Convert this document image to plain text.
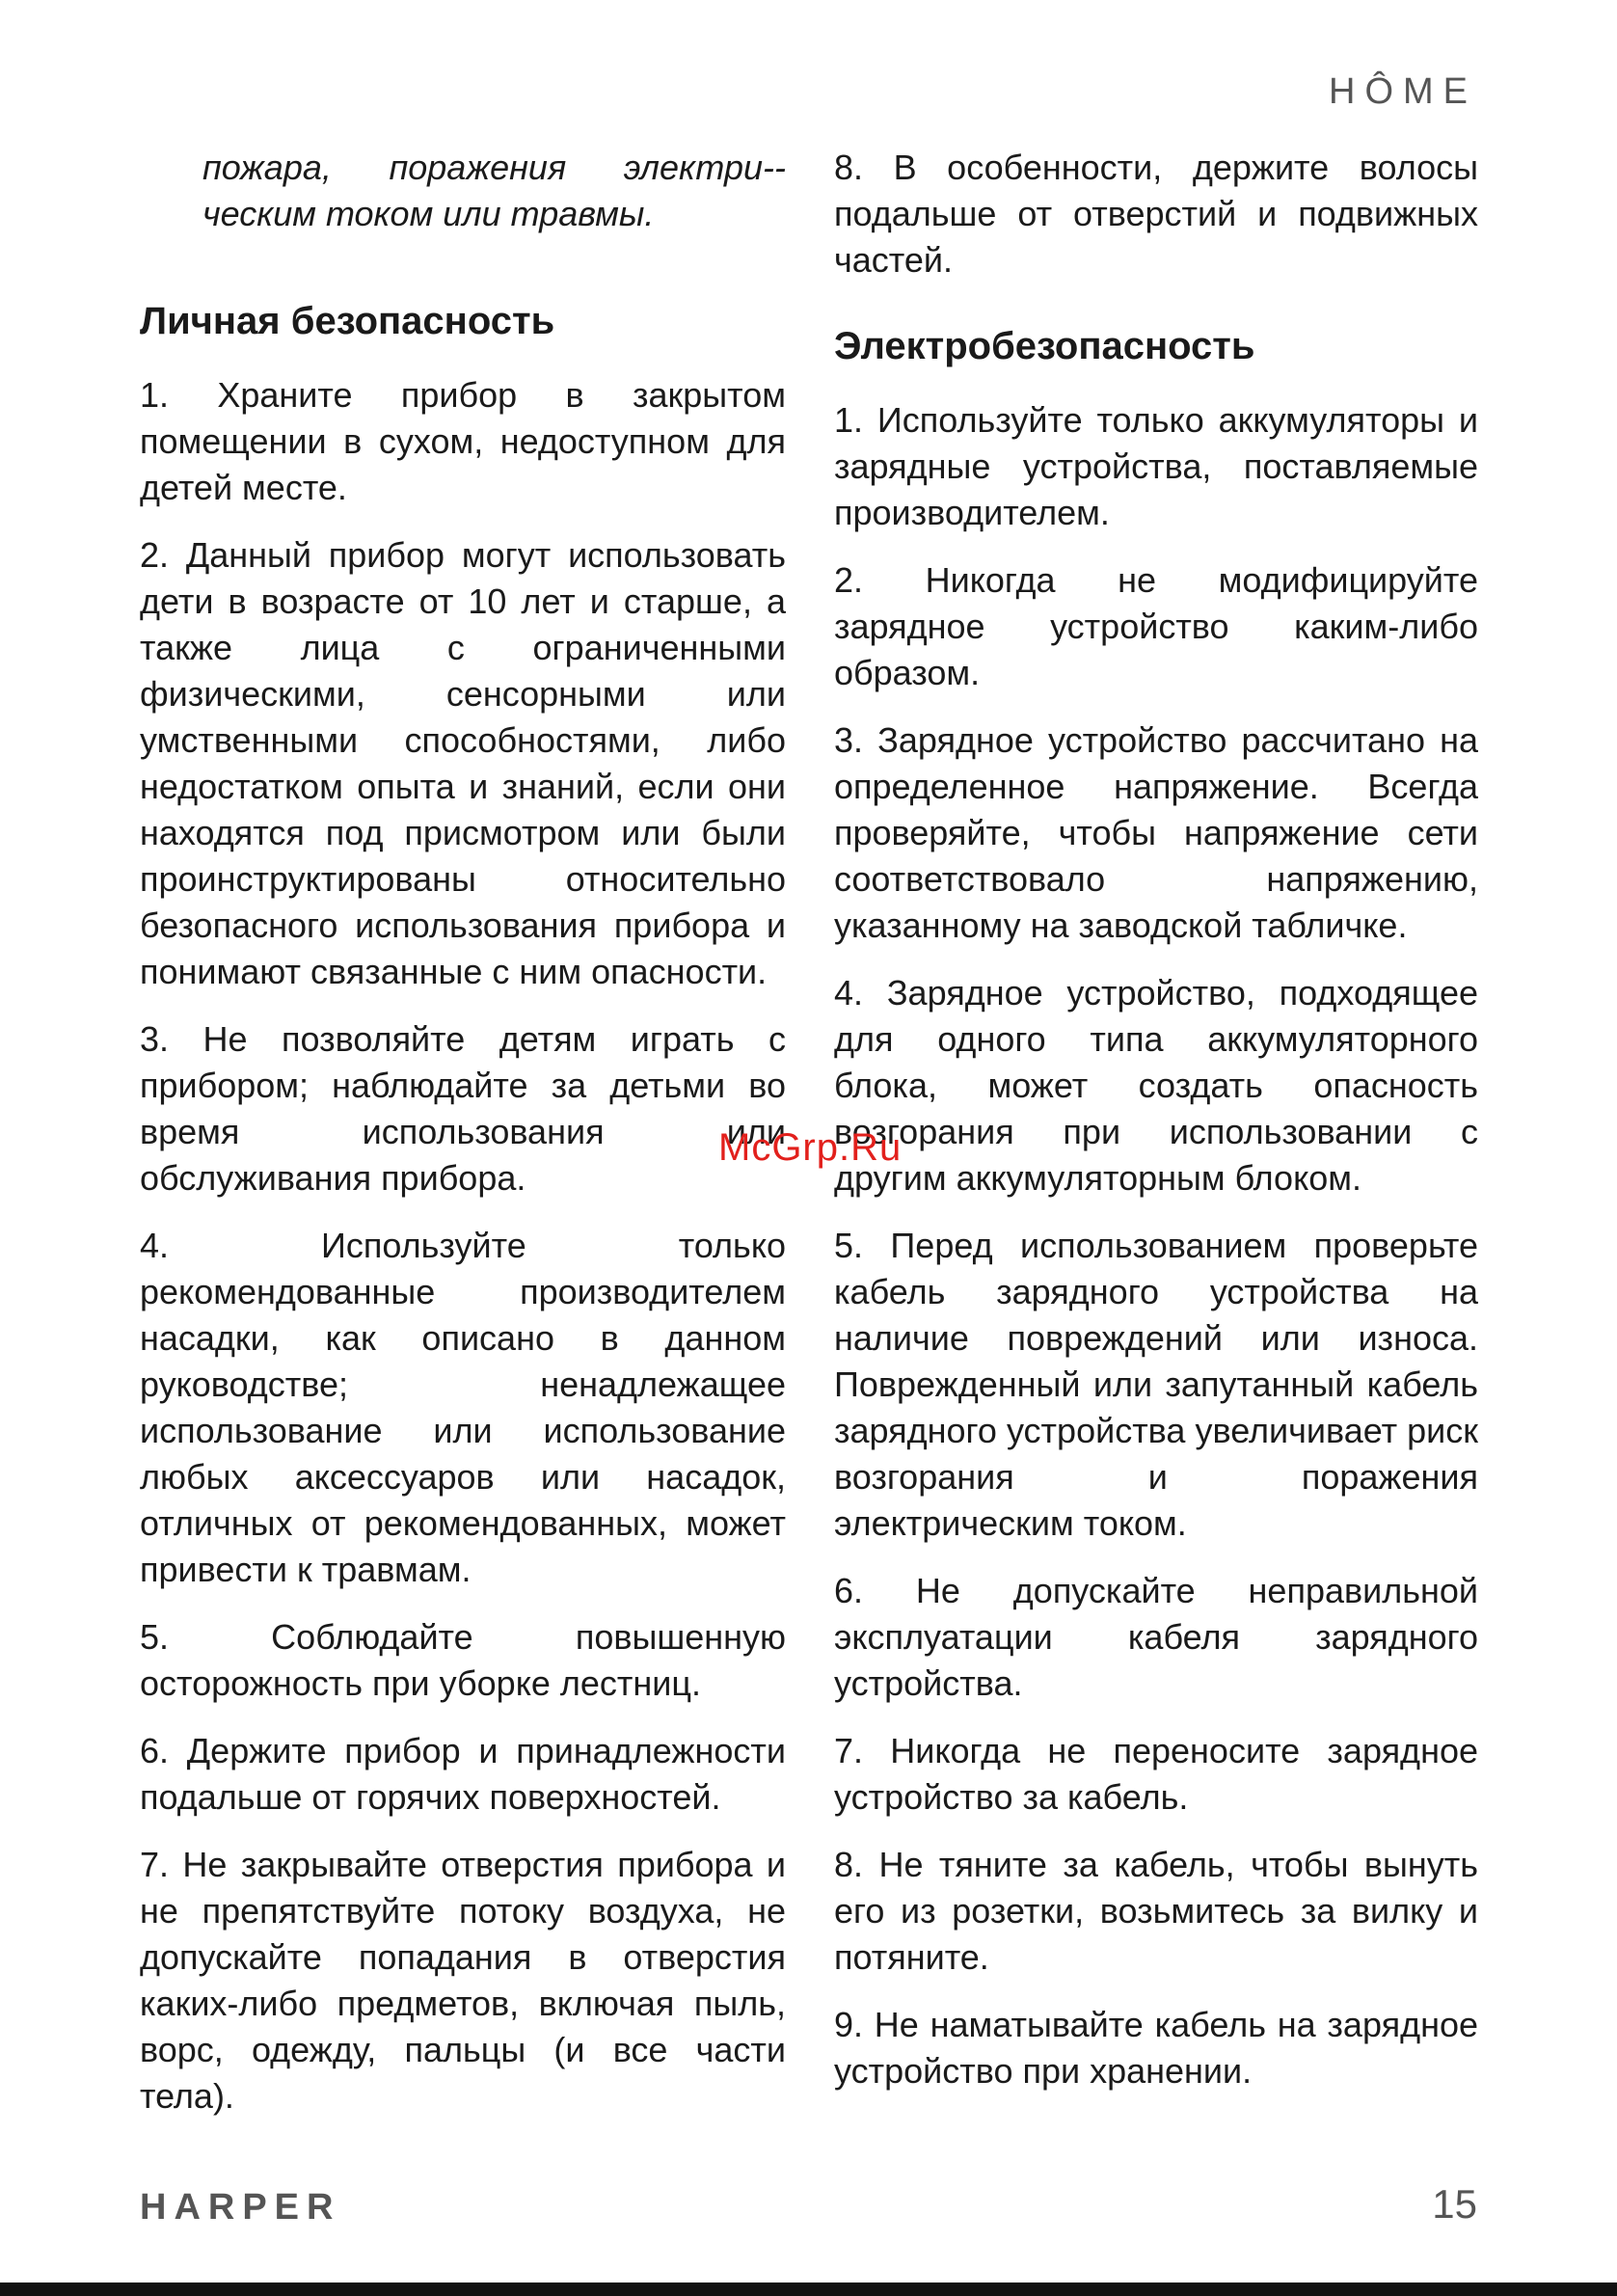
HÔME

пожара, поражения электри-ческим током или травмы.

Личная безопасность

1. Храните прибор в закрытом помещении в сухом, недоступном для детей месте.

2. Данный прибор могут использовать дети в возрасте от 10 лет и старше, а также лица с ограниченными физическими, сенсорными или умственными способностями, либо недостатком опыта и знаний, если они находятся под присмотром или были проинструктированы относительно безопасного использования прибора и понимают связанные с ним опасности.

3. Не позволяйте детям играть с прибором; наблюдайте за детьми во время использования или обслуживания прибора.

4. Используйте только рекомендованные производителем насадки, как описано в данном руководстве; ненадлежащее использование или использование любых аксессуаров или насадок, отличных от рекомендованных, может привести к травмам.

5. Соблюдайте повышенную осторожность при уборке лестниц.

6. Держите прибор и принадлежности подальше от горячих поверхностей.

7. Не закрывайте отверстия прибора и не препятствуйте потоку воздуха, не допускайте попадания в отверстия каких-либо предметов, включая пыль, ворс, одежду, пальцы (и все части тела).

8. В особенности, держите волосы подальше от отверстий и подвижных частей.

Электробезопасность

1. Используйте только аккумуляторы и зарядные устройства, поставляемые производителем.

2. Никогда не модифицируйте зарядное устройство каким-либо образом.

3. Зарядное устройство рассчитано на определенное напряжение. Всегда проверяйте, чтобы напряжение сети соответствовало напряжению, указанному на заводской табличке.

4. Зарядное устройство, подходящее для одного типа аккумуляторного блока, может создать опасность возгорания при использовании с другим аккумуляторным блоком.

5. Перед использованием проверьте кабель зарядного устройства на наличие повреждений или износа. Поврежденный или запутанный кабель зарядного устройства увеличивает риск возгорания и поражения электрическим током.

6. Не допускайте неправильной эксплуатации кабеля зарядного устройства.

7. Никогда не переносите зарядное устройство за кабель.

8. Не тяните за кабель, чтобы вынуть его из розетки, возьмитесь за вилку и потяните.

9. Не наматывайте кабель на зарядное устройство при хранении.

McGrp.Ru
HARPER	15
